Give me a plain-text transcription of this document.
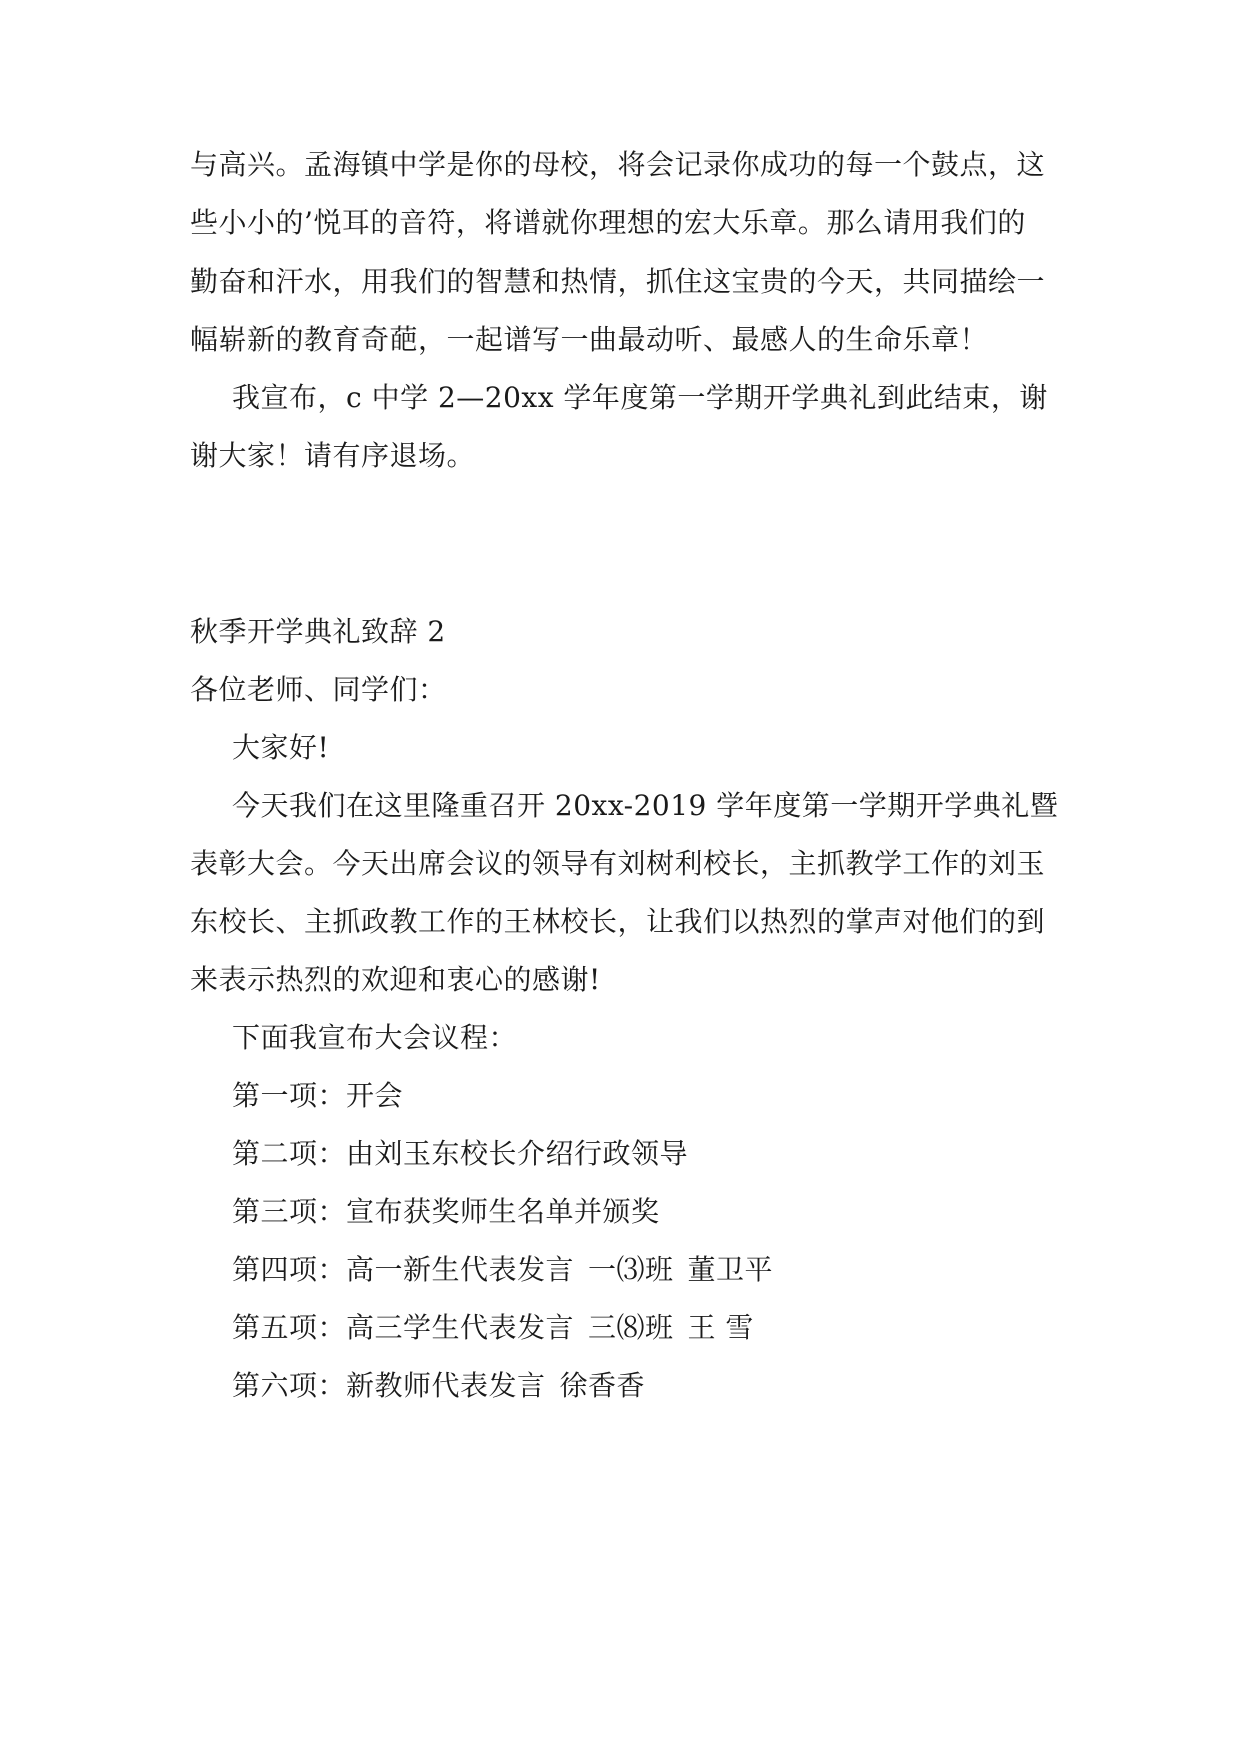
与高兴。孟海镇中学是你的母校，将会记录你成功的每一个鼓点，这
些小小的’悦耳的音符，将谱就你理想的宏大乐章。那么请用我们的
勤奋和汗水，用我们的智慧和热情，抓住这宝贵的今天，共同描绘一
幅崭新的教育奇葩，一起谱写一曲最动听、最感人的生命乐章！
我宣布，c 中学 2—20xx 学年度第一学期开学典礼到此结束，谢
谢大家！请有序退场。
秋季开学典礼致辞 2
各位老师、同学们：
大家好!
今天我们在这里隆重召开 20xx-2019 学年度第一学期开学典礼暨
表彰大会。今天出席会议的领导有刘树利校长，主抓教学工作的刘玉
东校长、主抓政教工作的王林校长，让我们以热烈的掌声对他们的到
来表示热烈的欢迎和衷心的感谢!
下面我宣布大会议程：
第一项：开会
第二项：由刘玉东校长介绍行政领导
第三项：宣布获奖师生名单并颁奖
第四项：高一新生代表发言 一⑶班 董卫平
第五项：高三学生代表发言 三⑻班 王 雪
第六项：新教师代表发言 徐香香
